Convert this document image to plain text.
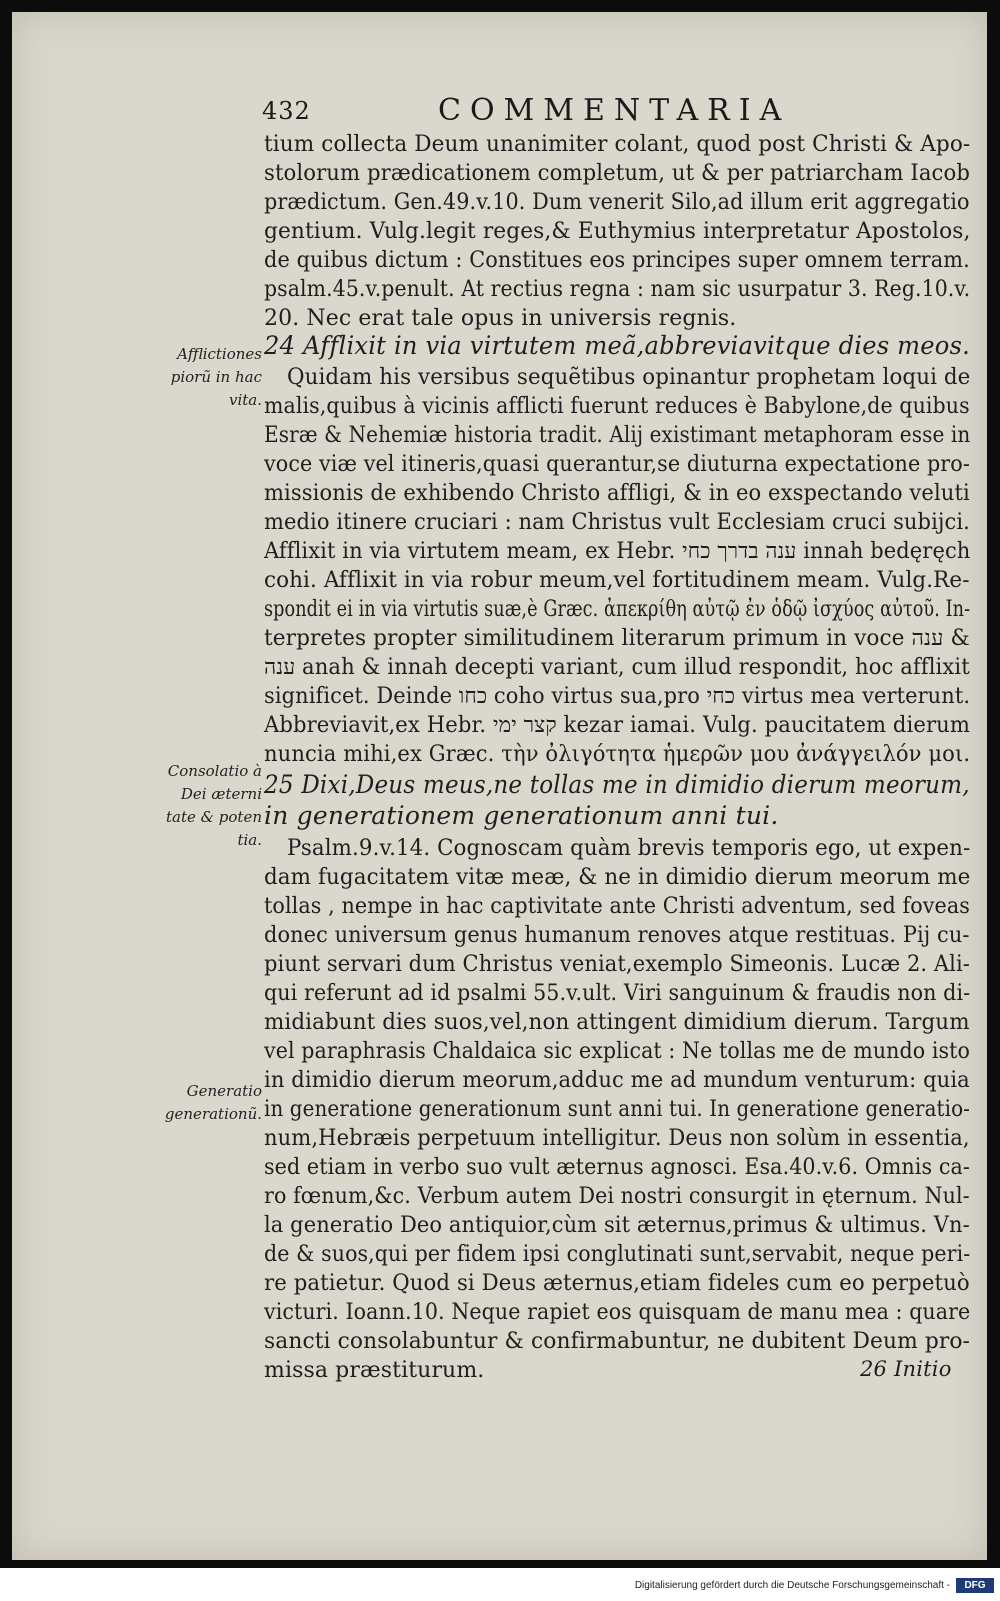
432	COMMENTARIA
tium collecta Deum unanimiter colant, quod post Christi & Apo-
stolorum prædicationem completum, ut & per patriarcham Iacob
prædictum. Gen.49.v.10. Dum venerit Silo,ad illum erit aggregatio
gentium. Vulg.legit reges,& Euthymius interpretatur Apostolos,
de quibus dictum : Constitues eos principes super omnem terram.
psalm.45.v.penult. At rectius regna : nam sic usurpatur 3. Reg.10.v.
20. Nec erat tale opus in universis regnis.
24 Afflixit in via virtutem meã,abbreviavitque dies meos.
Quidam his versibus sequẽtibus opinantur prophetam loqui de
malis,quibus à vicinis afflicti fuerunt reduces è Babylone,de quibus
Esræ & Nehemiæ historia tradit. Alij existimant metaphoram esse in
voce viæ vel itineris,quasi querantur,se diuturna expectatione pro-
missionis de exhibendo Christo affligi, & in eo exspectando veluti
medio itinere cruciari : nam Christus vult Ecclesiam cruci subijci.
Afflixit in via virtutem meam, ex Hebr. ענה בדרך כחי innah bedęręch
cohi. Afflixit in via robur meum,vel fortitudinem meam. Vulg.Re-
spondit ei in via virtutis suæ,è Græc. ἀπεκρίθη αὐτῷ ἐν ὁδῷ ἰσχύος αὐτοῦ. In-
terpretes propter similitudinem literarum primum in voce ענה &
ענה anah & innah decepti variant, cum illud respondit, hoc afflixit
significet. Deinde כחו coho virtus sua,pro כחי virtus mea verterunt.
Abbreviavit,ex Hebr. קצר ימי kezar iamai. Vulg. paucitatem dierum
nuncia mihi,ex Græc. τὴν ὀλιγότητα ἡμερῶν μου ἀνάγγειλόν μοι.
25 Dixi,Deus meus,ne tollas me in dimidio dierum meorum,
in generationem generationum anni tui.
Psalm.9.v.14. Cognoscam quàm brevis temporis ego, ut expen-
dam fugacitatem vitæ meæ, & ne in dimidio dierum meorum me
tollas , nempe in hac captivitate ante Christi adventum, sed foveas
donec universum genus humanum renoves atque restituas. Pij cu-
piunt servari dum Christus veniat,exemplo Simeonis. Lucæ 2. Ali-
qui referunt ad id psalmi 55.v.ult. Viri sanguinum & fraudis non di-
midiabunt dies suos,vel,non attingent dimidium dierum. Targum
vel paraphrasis Chaldaica sic explicat : Ne tollas me de mundo isto
in dimidio dierum meorum,adduc me ad mundum venturum: quia
in generatione generationum sunt anni tui. In generatione generatio-
num,Hebræis perpetuum intelligitur. Deus non solùm in essentia,
sed etiam in verbo suo vult æternus agnosci. Esa.40.v.6. Omnis ca-
ro fœnum,&c. Verbum autem Dei nostri consurgit in ęternum. Nul-
la generatio Deo antiquior,cùm sit æternus,primus & ultimus. Vn-
de & suos,qui per fidem ipsi conglutinati sunt,servabit, neque peri-
re patietur. Quod si Deus æternus,etiam fideles cum eo perpetuò
victuri. Ioann.10. Neque rapiet eos quisquam de manu mea : quare
sancti consolabuntur & confirmabuntur, ne dubitent Deum pro-
missa præstiturum.	26 Initio
Afflictiones
piorũ in hac
vita.
Consolatio à
Dei æterni
tate & poten
tia.
Generatio
generationũ.
Digitalisierung gefördert durch die Deutsche Forschungsgemeinschaft -	DFG
